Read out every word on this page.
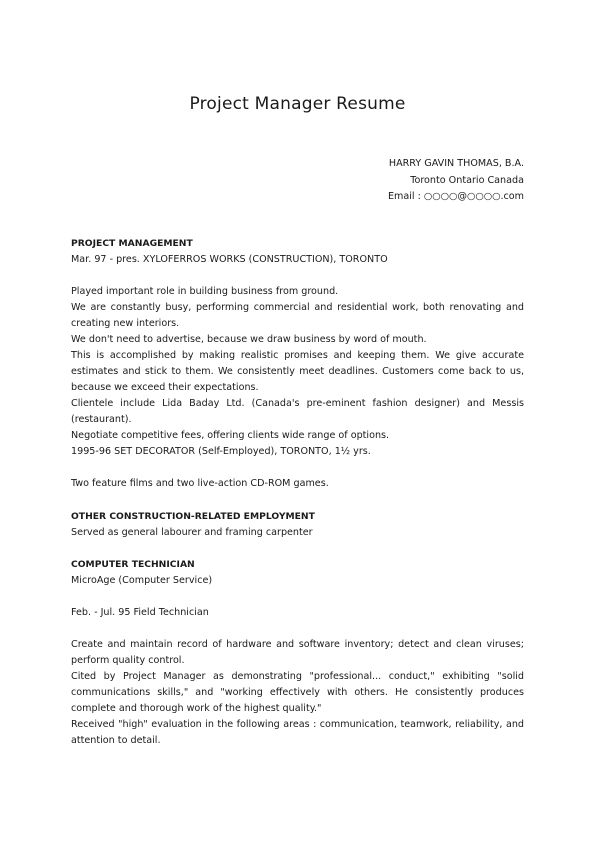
Project Manager Resume
HARRY GAVIN THOMAS, B.A.
Toronto Ontario Canada
Email : ○○○○@○○○○.com

PROJECT MANAGEMENT

Mar. 97 - pres. XYLOFERROS WORKS (CONSTRUCTION), TORONTO

Played important role in building business from ground.

We are constantly busy, performing commercial and residential work, both renovating and creating new interiors.

We don't need to advertise, because we draw business by word of mouth.

This is accomplished by making realistic promises and keeping them. We give accurate estimates and stick to them. We consistently meet deadlines. Customers come back to us, because we exceed their expectations.

Clientele include Lida Baday Ltd. (Canada's pre-eminent fashion designer) and Messis (restaurant).

Negotiate competitive fees, offering clients wide range of options.

1995-96 SET DECORATOR (Self-Employed), TORONTO, 1½ yrs.

Two feature films and two live-action CD-ROM games.

OTHER CONSTRUCTION-RELATED EMPLOYMENT

Served as general labourer and framing carpenter

COMPUTER TECHNICIAN

MicroAge (Computer Service)

Feb. - Jul. 95 Field Technician

Create and maintain record of hardware and software inventory; detect and clean viruses; perform quality control.

Cited by Project Manager as demonstrating "professional... conduct," exhibiting "solid communications skills," and "working effectively with others. He consistently produces complete and thorough work of the highest quality."

Received "high" evaluation in the following areas : communication, teamwork, reliability, and attention to detail.
